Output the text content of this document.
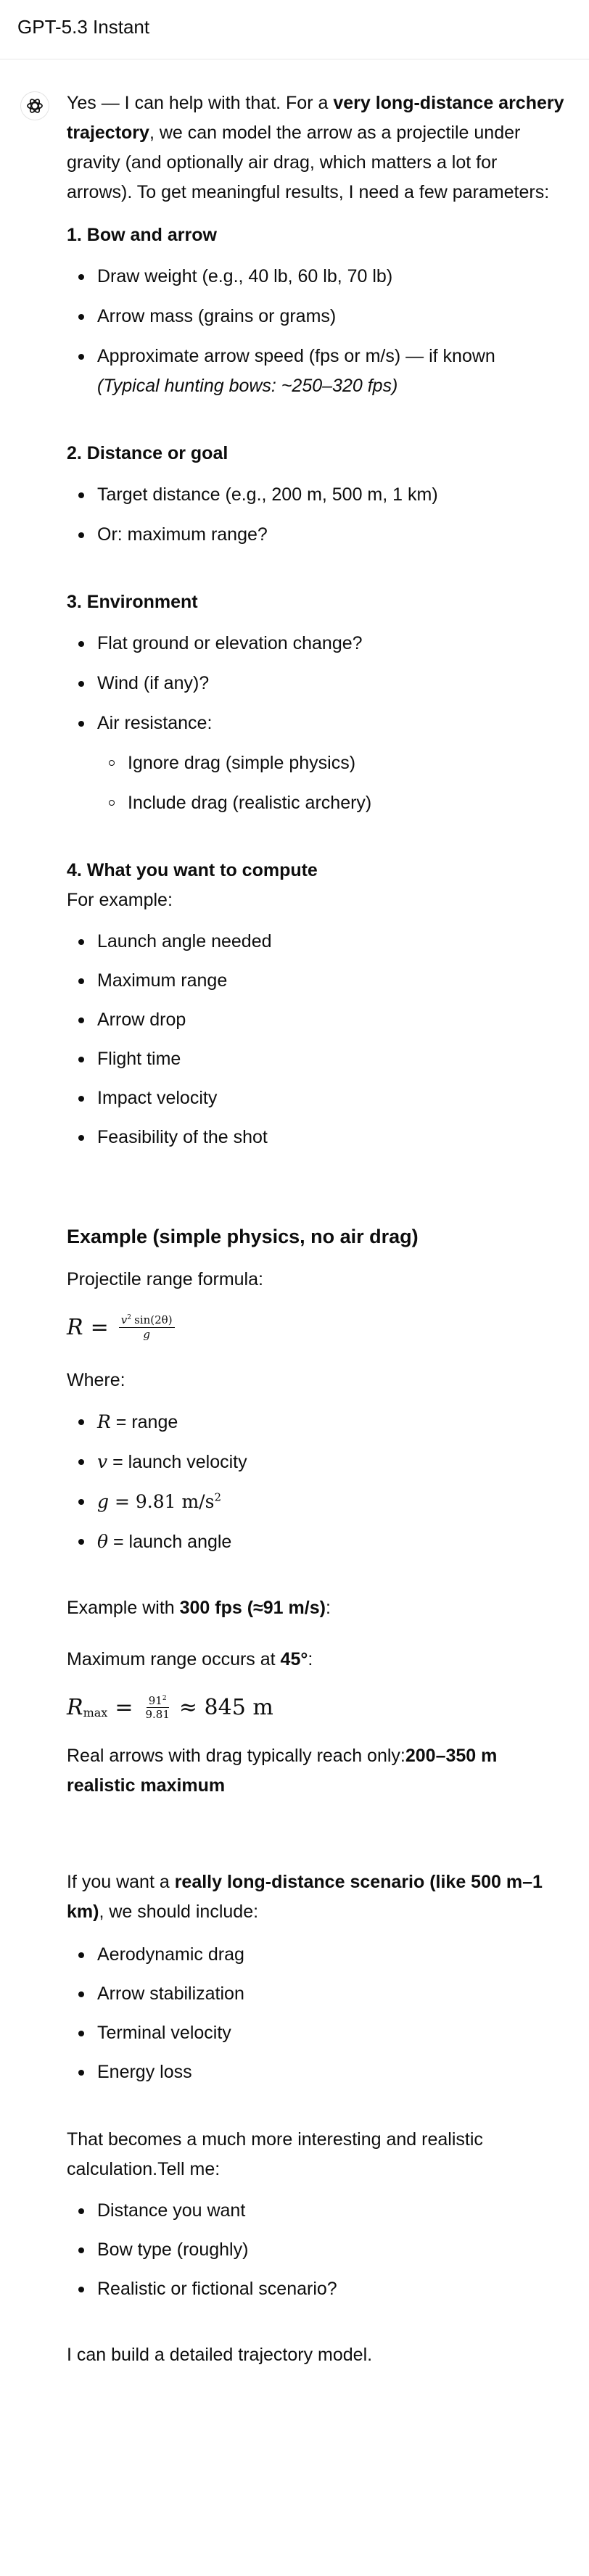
GPT-5.3 Instant

Yes — I can help with that. For a very long-distance archery trajectory, we can model the arrow as a projectile under gravity (and optionally air drag, which matters a lot for arrows). To get meaningful results, I need a few parameters:

1. Bow and arrow

Draw weight (e.g., 40 lb, 60 lb, 70 lb)
Arrow mass (grains or grams)
Approximate arrow speed (fps or m/s) — if known
(Typical hunting bows: ~250–320 fps)

2. Distance or goal

Target distance (e.g., 200 m, 500 m, 1 km)
Or: maximum range?

3. Environment

Flat ground or elevation change?
Wind (if any)?
Air resistance:
Ignore drag (simple physics)
Include drag (realistic archery)

4. What you want to compute

For example:

Launch angle needed
Maximum range
Arrow drop
Flight time
Impact velocity
Feasibility of the shot

Example (simple physics, no air drag)

Projectile range formula:

$R = \frac{v^2 \sin(2\theta)}{g}$

Where:

R = range
v = launch velocity
g = 9.81 $m/s^2$
θ = launch angle

Example with 300 fps (≈91 m/s):

Maximum range occurs at 45°:

$R_{max} = \frac{91^2}{9.81} \approx 845$ m

Real arrows with drag typically reach only:200–350 m realistic maximum

If you want a really long-distance scenario (like 500 m–1 km), we should include:

Aerodynamic drag
Arrow stabilization
Terminal velocity
Energy loss

That becomes a much more interesting and realistic calculation.Tell me:

Distance you want
Bow type (roughly)
Realistic or fictional scenario?

I can build a detailed trajectory model.
